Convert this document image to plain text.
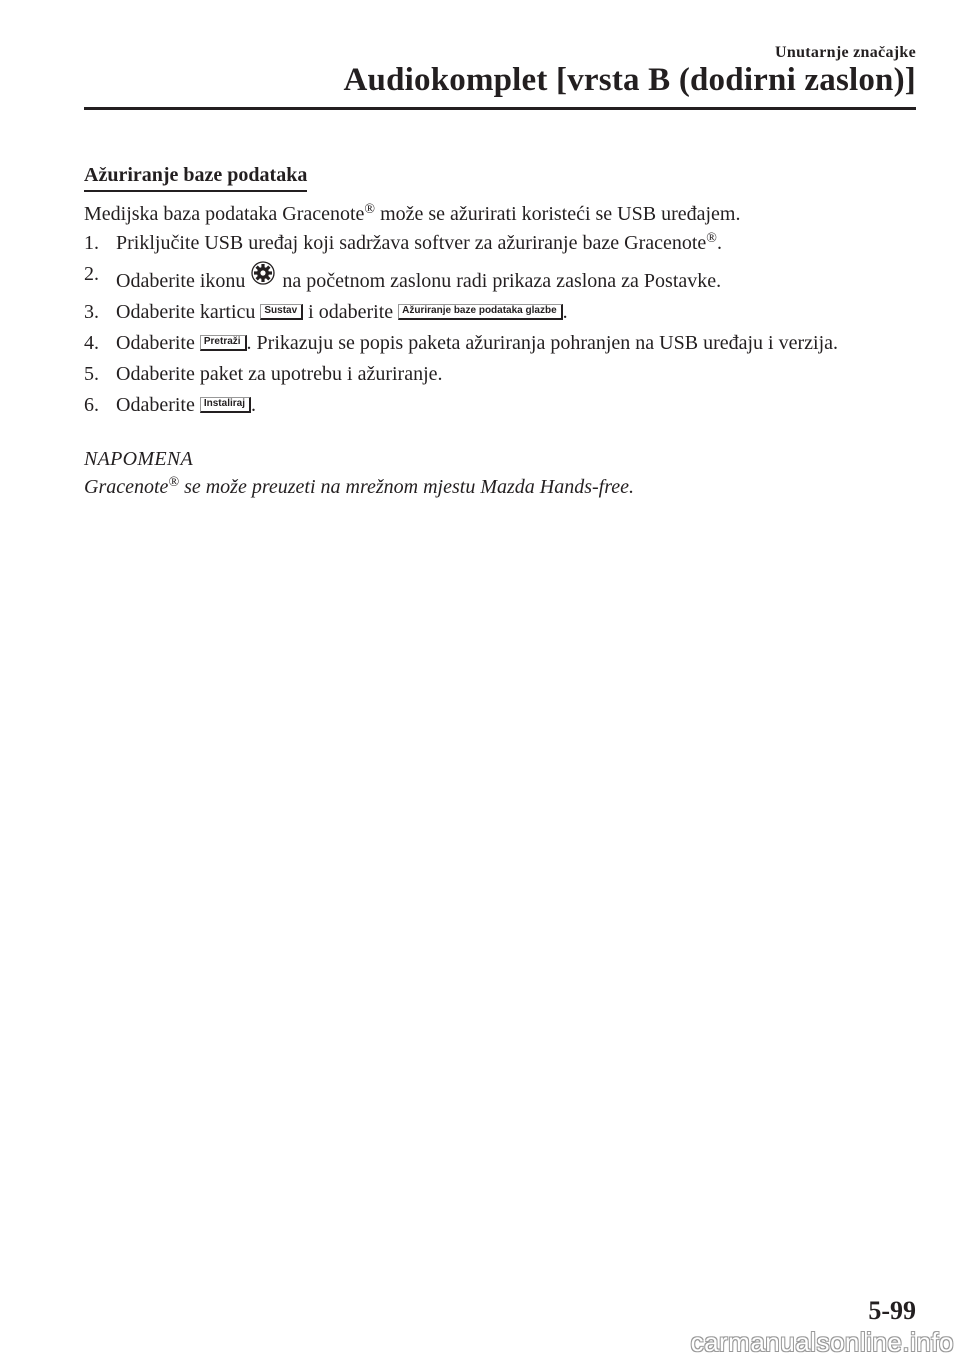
Unutarnje značajke
Audiokomplet [vrsta B (dodirni zaslon)]
Ažuriranje baze podataka

Medijska baza podataka Gracenote® može se ažurirati koristeći se USB uređajem.

1. Priključite USB uređaj koji sadržava softver za ažuriranje baze Gracenote®.
2. Odaberite ikonu  na početnom zaslonu radi prikaza zaslona za Postavke.
3. Odaberite karticu Sustav i odaberite Ažuriranje baze podataka glazbe .
4. Odaberite Pretraži . Prikazuju se popis paketa ažuriranja pohranjen na USB uređaju i verzija.
5. Odaberite paket za upotrebu i ažuriranje.
6. Odaberite Instaliraj .
NAPOMENA
Gracenote® se može preuzeti na mrežnom mjestu Mazda Hands-free.
5-99
carmanualsonline.info
